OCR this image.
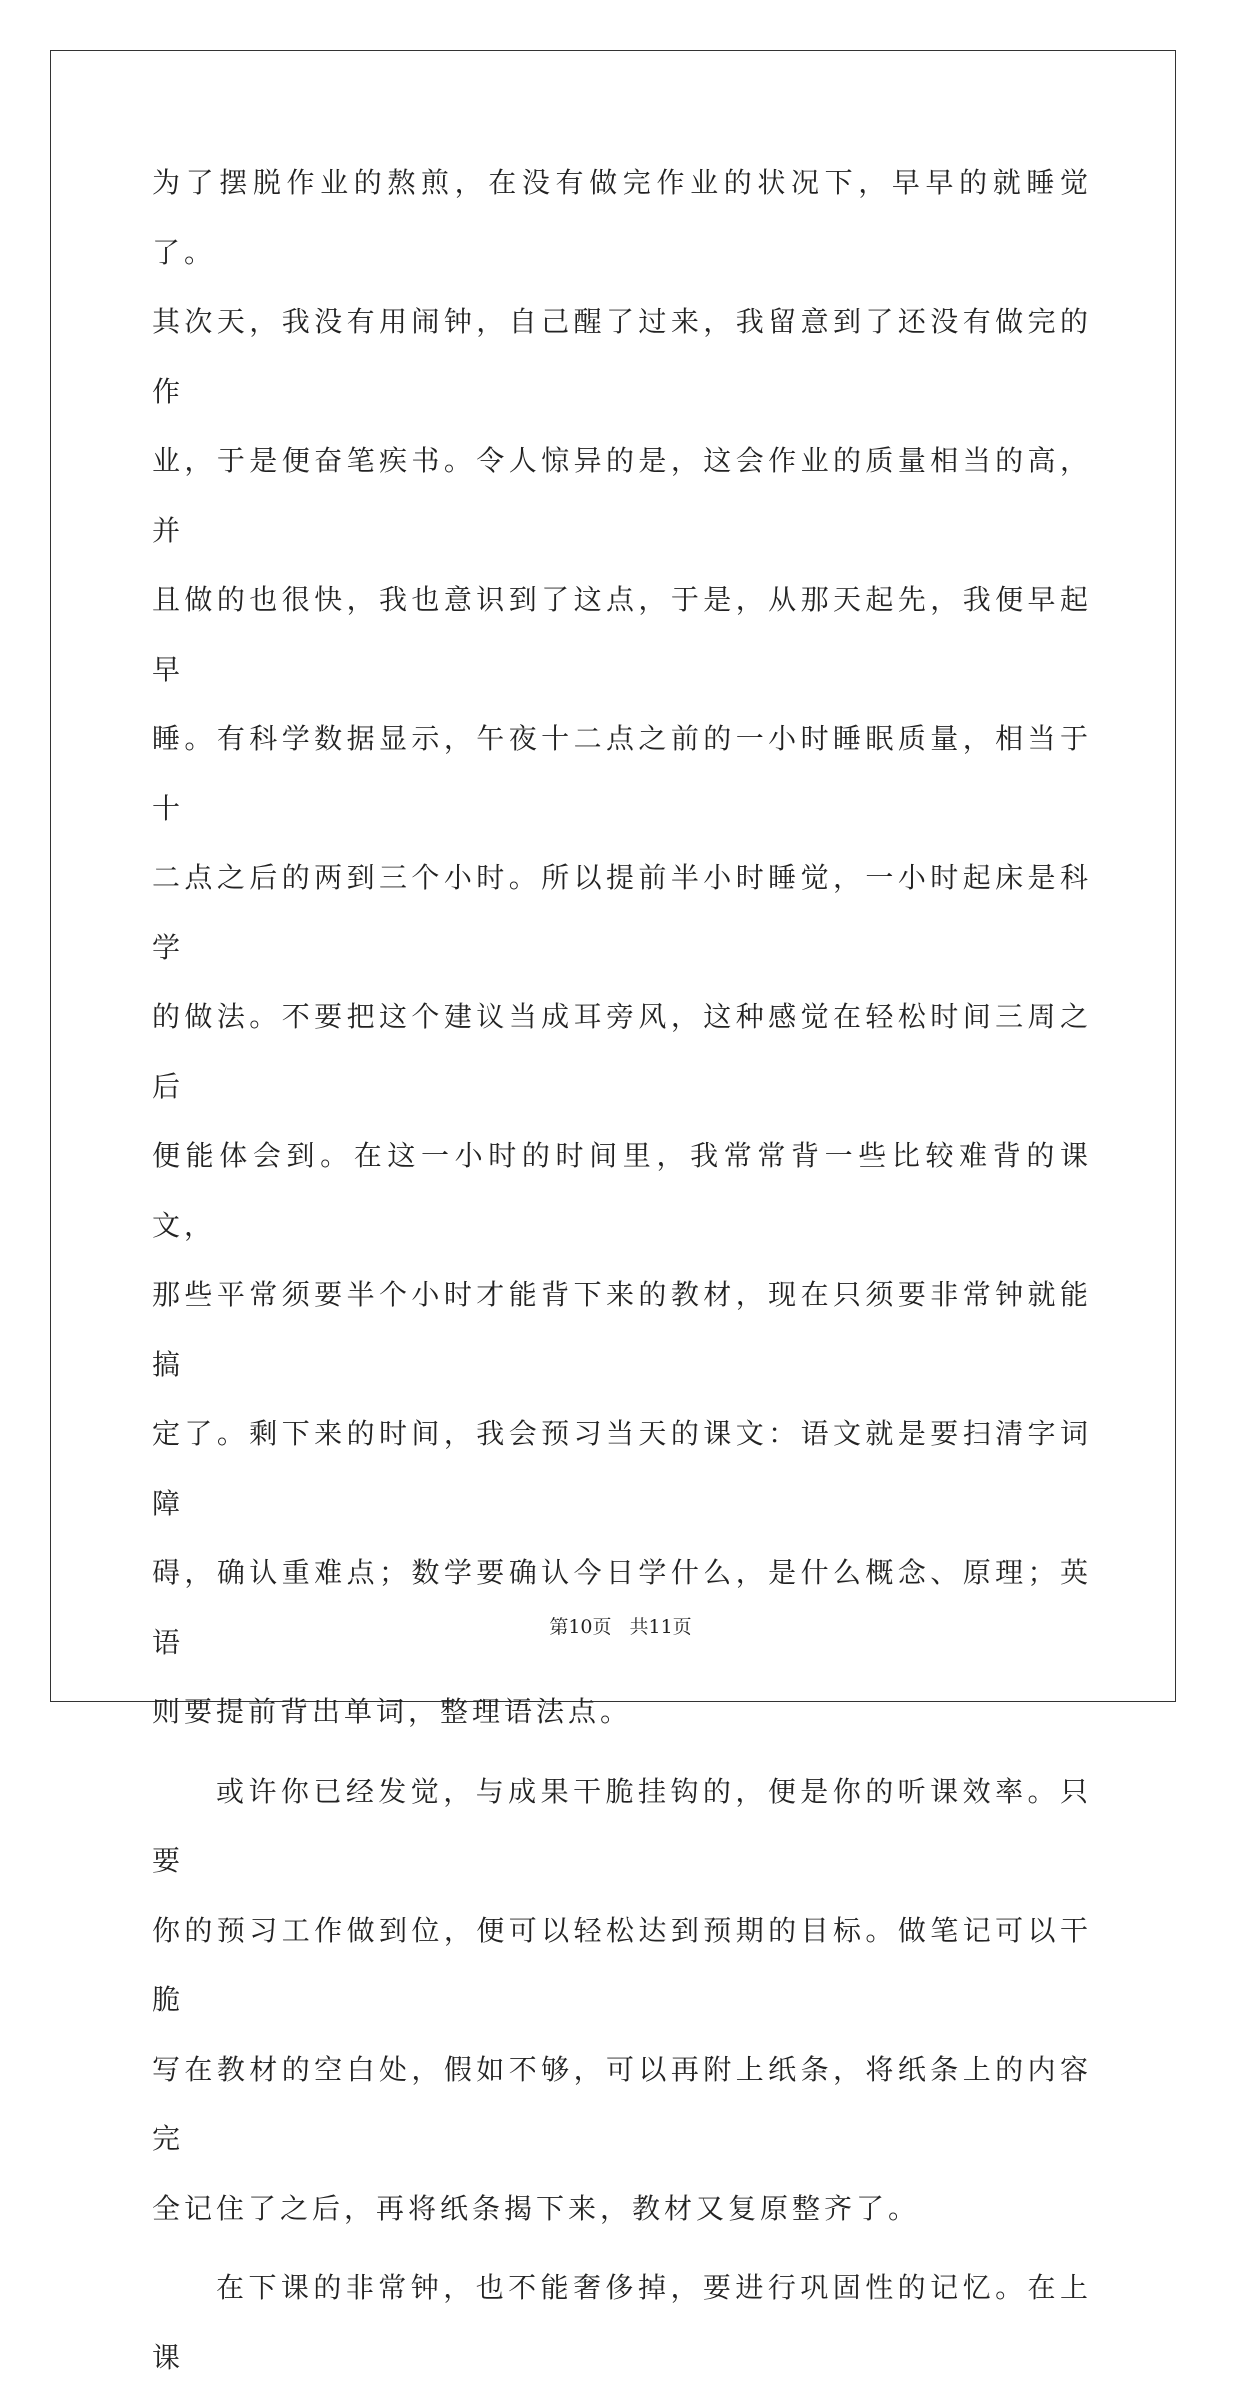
为了摆脱作业的熬煎，在没有做完作业的状况下，早早的就睡觉了。
其次天，我没有用闹钟，自己醒了过来，我留意到了还没有做完的作
业，于是便奋笔疾书。令人惊异的是，这会作业的质量相当的高，并
且做的也很快，我也意识到了这点，于是，从那天起先，我便早起早
睡。有科学数据显示，午夜十二点之前的一小时睡眠质量，相当于十
二点之后的两到三个小时。所以提前半小时睡觉，一小时起床是科学
的做法。不要把这个建议当成耳旁风，这种感觉在轻松时间三周之后
便能体会到。在这一小时的时间里，我常常背一些比较难背的课文，
那些平常须要半个小时才能背下来的教材，现在只须要非常钟就能搞
定了。剩下来的时间，我会预习当天的课文：语文就是要扫清字词障
碍，确认重难点；数学要确认今日学什么，是什么概念、原理；英语
则要提前背出单词，整理语法点。
或许你已经发觉，与成果干脆挂钩的，便是你的听课效率。只要
你的预习工作做到位，便可以轻松达到预期的目标。做笔记可以干脆
写在教材的空白处，假如不够，可以再附上纸条，将纸条上的内容完
全记住了之后，再将纸条揭下来，教材又复原整齐了。
在下课的非常钟，也不能奢侈掉，要进行巩固性的记忆。在上课
第10页 共11页
